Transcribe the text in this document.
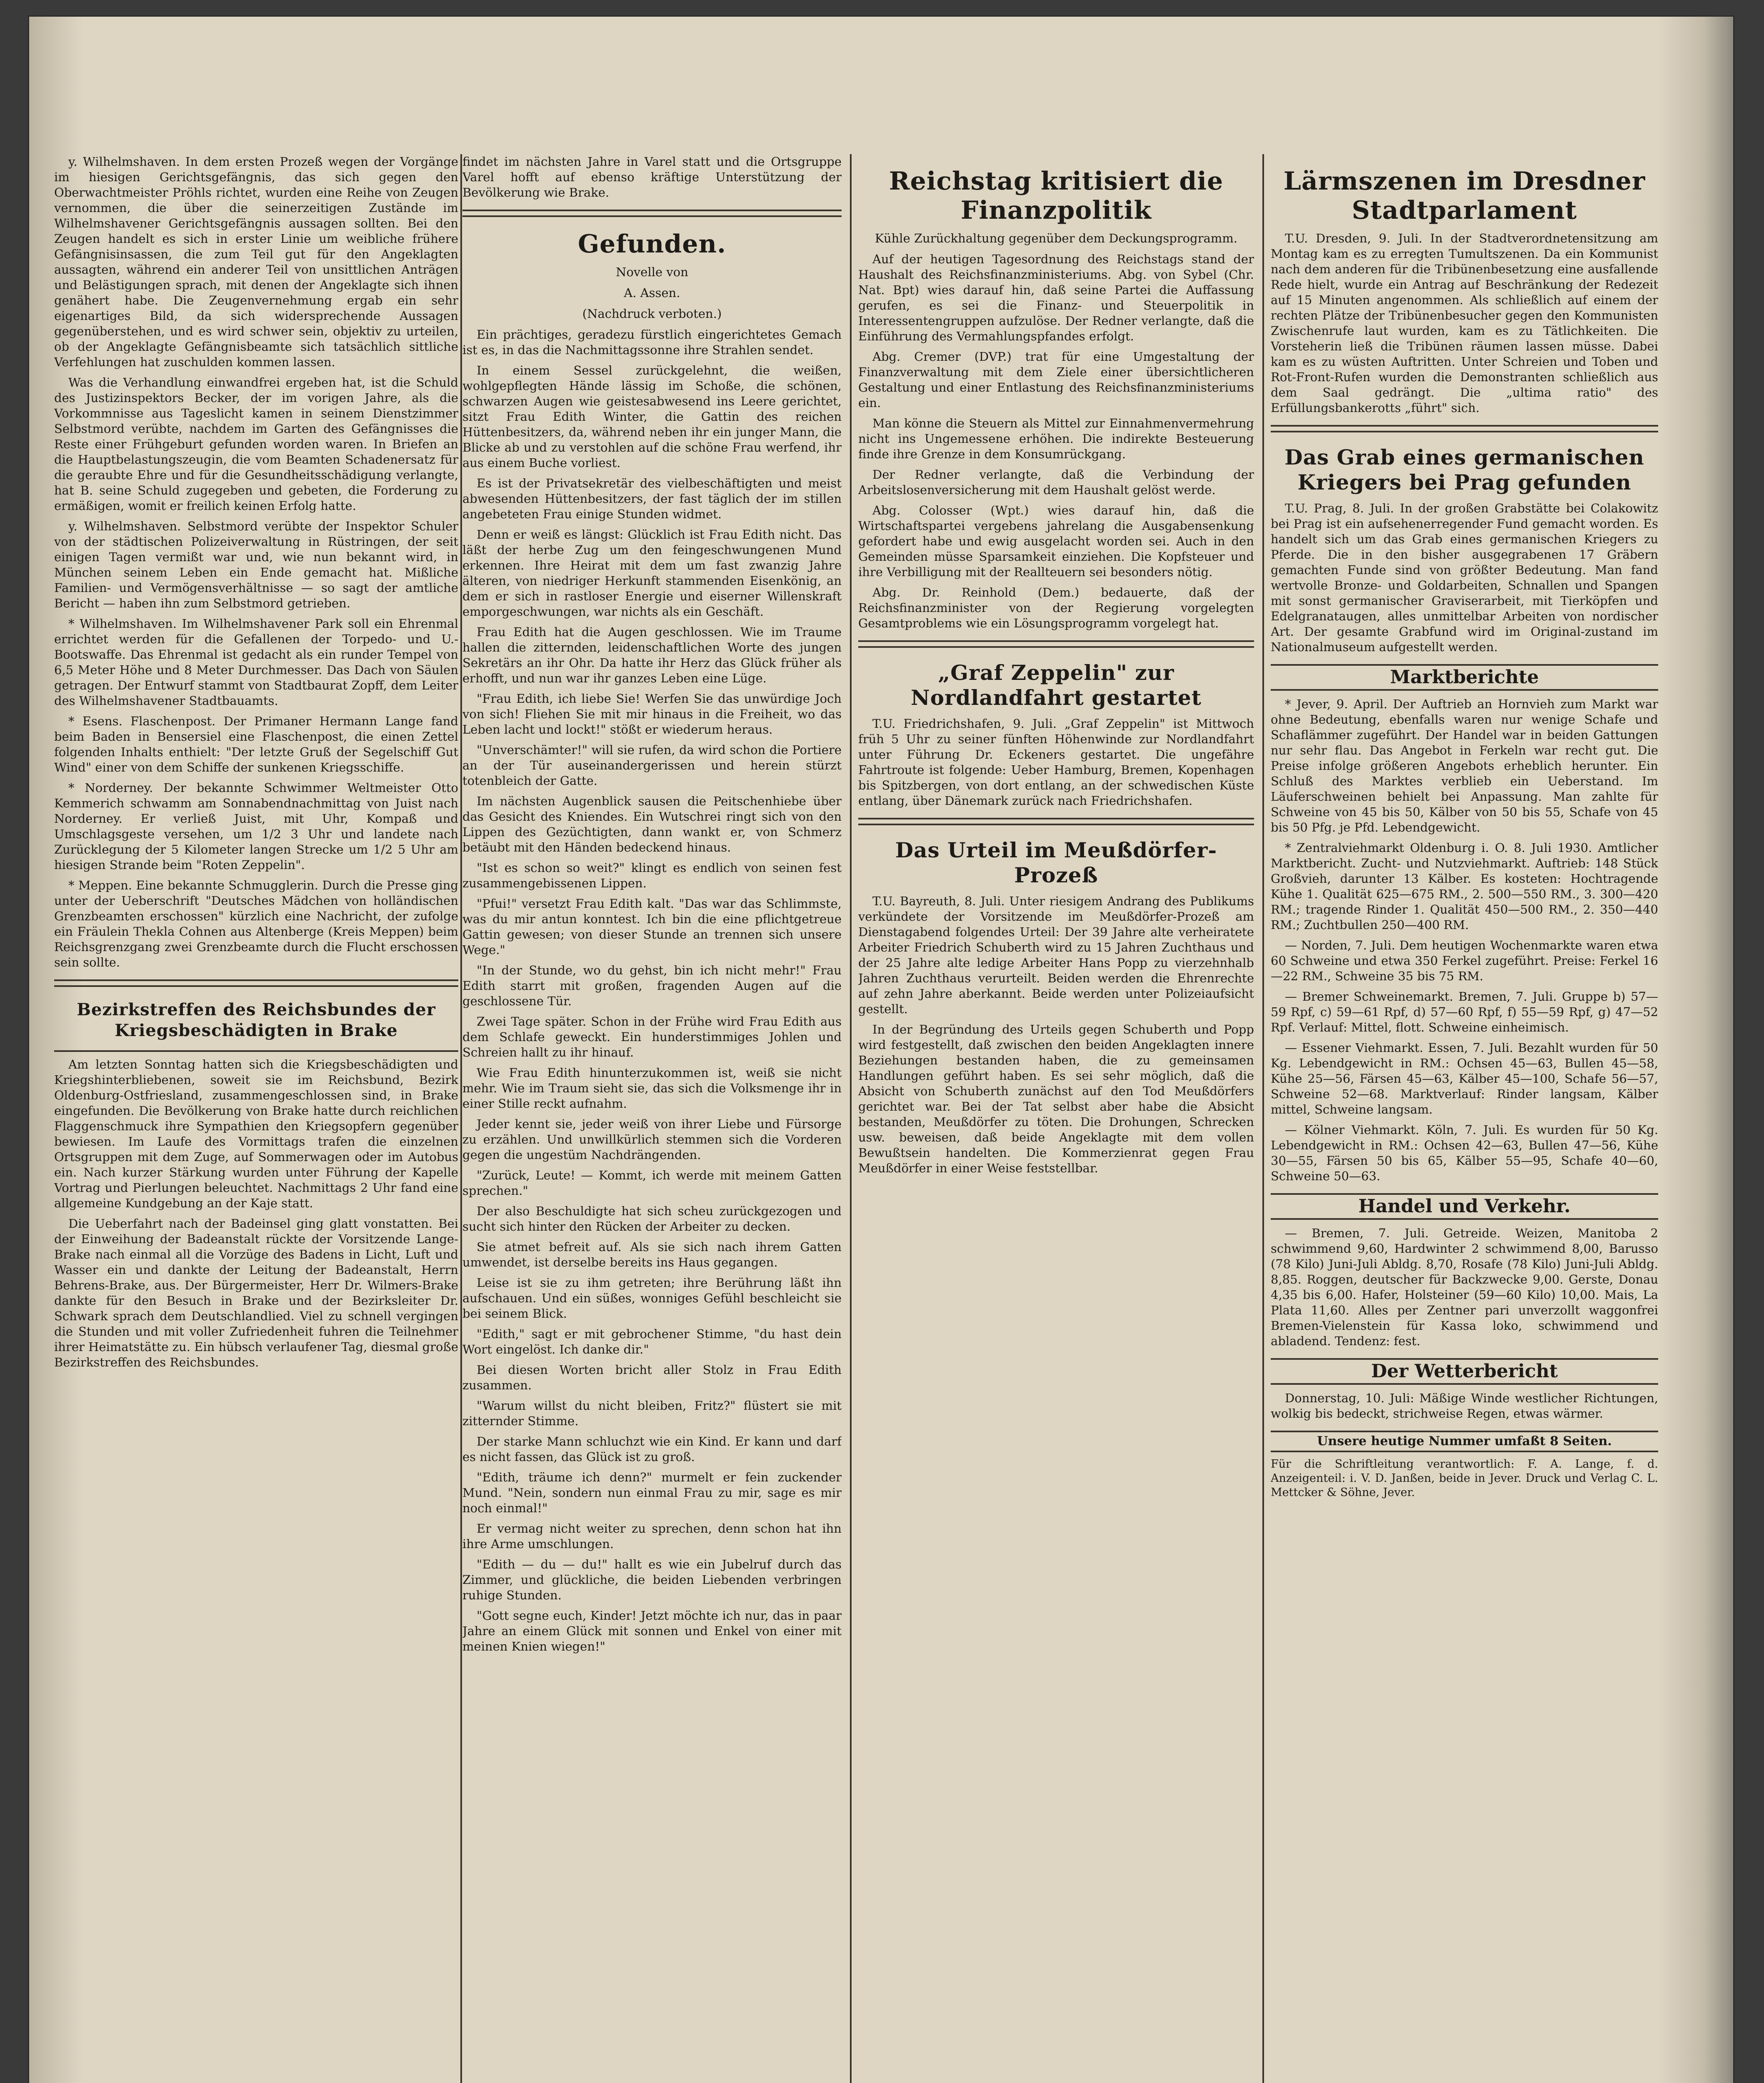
y. Wilhelmshaven. In dem ersten Prozeß wegen der Vorgänge im hiesigen Gerichtsgefängnis, das sich gegen den Oberwachtmeister Pröhls richtet, wurden eine Reihe von Zeugen vernommen, die über die seinerzeitigen Zustände im Wilhelmshavener Gerichtsgefängnis aussagen sollten. Bei den Zeugen handelt es sich in erster Linie um weibliche frühere Gefängnisinsassen, die zum Teil gut für den Angeklagten aussagten, während ein anderer Teil von unsittlichen Anträgen und Belästigungen sprach, mit denen der Angeklagte sich ihnen genähert habe. Die Zeugenvernehmung ergab ein sehr eigenartiges Bild, da sich widersprechende Aussagen gegenüberstehen, und es wird schwer sein, objektiv zu urteilen, ob der Angeklagte Gefängnisbeamte sich tatsächlich sittliche Verfehlungen hat zuschulden kommen lassen.

Was die Verhandlung einwandfrei ergeben hat, ist die Schuld des Justizinspektors Becker, der im vorigen Jahre, als die Vorkommnisse aus Tageslicht kamen in seinem Dienstzimmer Selbstmord verübte, nachdem im Garten des Gefängnisses die Reste einer Frühgeburt gefunden worden waren. In Briefen an die Hauptbelastungszeugin, die vom Beamten Schadenersatz für die geraubte Ehre und für die Gesundheitsschädigung verlangte, hat B. seine Schuld zugegeben und gebeten, die Forderung zu ermäßigen, womit er freilich keinen Erfolg hatte.

y. Wilhelmshaven. Selbstmord verübte der Inspektor Schuler von der städtischen Polizeiverwaltung in Rüstringen, der seit einigen Tagen vermißt war und, wie nun bekannt wird, in München seinem Leben ein Ende gemacht hat. Mißliche Familien- und Vermögensverhältnisse — so sagt der amtliche Bericht — haben ihn zum Selbstmord getrieben.

* Wilhelmshaven. Im Wilhelmshavener Park soll ein Ehrenmal errichtet werden für die Gefallenen der Torpedo- und U.-Bootswaffe. Das Ehrenmal ist gedacht als ein runder Tempel von 6,5 Meter Höhe und 8 Meter Durchmesser. Das Dach von Säulen getragen. Der Entwurf stammt von Stadtbaurat Zopff, dem Leiter des Wilhelmshavener Stadtbauamts.

* Esens. Flaschenpost. Der Primaner Hermann Lange fand beim Baden in Bensersiel eine Flaschenpost, die einen Zettel folgenden Inhalts enthielt: "Der letzte Gruß der Segelschiff Gut Wind" einer von dem Schiffe der sunkenen Kriegsschiffe.

* Norderney. Der bekannte Schwimmer Weltmeister Otto Kemmerich schwamm am Sonnabendnachmittag von Juist nach Norderney. Er verließ Juist, mit Uhr, Kompaß und Umschlagsgeste versehen, um 1/2 3 Uhr und landete nach Zurücklegung der 5 Kilometer langen Strecke um 1/2 5 Uhr am hiesigen Strande beim "Roten Zeppelin".

* Meppen. Eine bekannte Schmugglerin. Durch die Presse ging unter der Ueberschrift "Deutsches Mädchen von holländischen Grenzbeamten erschossen" kürzlich eine Nachricht, der zufolge ein Fräulein Thekla Cohnen aus Altenberge (Kreis Meppen) beim Reichsgrenzgang zwei Grenzbeamte durch die Flucht erschossen sein sollte.

Bezirkstreffen des Reichsbundes der Kriegsbeschädigten in Brake

Am letzten Sonntag hatten sich die Kriegsbeschädigten und Kriegshinterbliebenen, soweit sie im Reichsbund, Bezirk Oldenburg-Ostfriesland, zusammengeschlossen sind, in Brake eingefunden. Die Bevölkerung von Brake hatte durch reichlichen Flaggenschmuck ihre Sympathien den Kriegsopfern gegenüber bewiesen. Im Laufe des Vormittags trafen die einzelnen Ortsgruppen mit dem Zuge, auf Sommerwagen oder im Autobus ein. Nach kurzer Stärkung wurden unter Führung der Kapelle Vortrag und Pierlungen beleuchtet. Nachmittags 2 Uhr fand eine allgemeine Kundgebung an der Kaje statt.

Die Ueberfahrt nach der Badeinsel ging glatt vonstatten. Bei der Einweihung der Badeanstalt rückte der Vorsitzende Lange-Brake nach einmal all die Vorzüge des Badens in Licht, Luft und Wasser ein und dankte der Leitung der Badeanstalt, Herrn Behrens-Brake, aus. Der Bürgermeister, Herr Dr. Wilmers-Brake dankte für den Besuch in Brake und der Bezirksleiter Dr. Schwark sprach dem Deutschlandlied. Viel zu schnell vergingen die Stunden und mit voller Zufriedenheit fuhren die Teilnehmer ihrer Heimatstätte zu. Ein hübsch verlaufener Tag, diesmal große Bezirkstreffen des Reichsbundes.

findet im nächsten Jahre in Varel statt und die Ortsgruppe Varel hofft auf ebenso kräftige Unterstützung der Bevölkerung wie Brake.

Gefunden.
Novelle von
A. Assen.
(Nachdruck verboten.)

Ein prächtiges, geradezu fürstlich eingerichtetes Gemach ist es, in das die Nachmittagssonne ihre Strahlen sendet.

In einem Sessel zurückgelehnt, die weißen, wohlgepflegten Hände lässig im Schoße, die schönen, schwarzen Augen wie geistesabwesend ins Leere gerichtet, sitzt Frau Edith Winter, die Gattin des reichen Hüttenbesitzers, da, während neben ihr ein junger Mann, die Blicke ab und zu verstohlen auf die schöne Frau werfend, ihr aus einem Buche vorliest.

Es ist der Privatsekretär des vielbeschäftigten und meist abwesenden Hüttenbesitzers, der fast täglich der im stillen angebeteten Frau einige Stunden widmet.

Denn er weiß es längst: Glücklich ist Frau Edith nicht. Das läßt der herbe Zug um den feingeschwungenen Mund erkennen. Ihre Heirat mit dem um fast zwanzig Jahre älteren, von niedriger Herkunft stammenden Eisenkönig, an dem er sich in rastloser Energie und eiserner Willenskraft emporgeschwungen, war nichts als ein Geschäft.

Frau Edith hat die Augen geschlossen. Wie im Traume hallen die zitternden, leidenschaftlichen Worte des jungen Sekretärs an ihr Ohr. Da hatte ihr Herz das Glück früher als erhofft, und nun war ihr ganzes Leben eine Lüge.

"Frau Edith, ich liebe Sie! Werfen Sie das unwürdige Joch von sich! Fliehen Sie mit mir hinaus in die Freiheit, wo das Leben lacht und lockt!" stößt er wiederum heraus.

"Unverschämter!" will sie rufen, da wird schon die Portiere an der Tür auseinandergerissen und herein stürzt totenbleich der Gatte.

Im nächsten Augenblick sausen die Peitschenhiebe über das Gesicht des Kniendes. Ein Wutschrei ringt sich von den Lippen des Gezüchtigten, dann wankt er, von Schmerz betäubt mit den Händen bedeckend hinaus.

"Ist es schon so weit?" klingt es endlich von seinen fest zusammengebissenen Lippen.

"Pfui!" versetzt Frau Edith kalt. "Das war das Schlimmste, was du mir antun konntest. Ich bin die eine pflichtgetreue Gattin gewesen; von dieser Stunde an trennen sich unsere Wege."

"In der Stunde, wo du gehst, bin ich nicht mehr!" Frau Edith starrt mit großen, fragenden Augen auf die geschlossene Tür.

Zwei Tage später. Schon in der Frühe wird Frau Edith aus dem Schlafe geweckt. Ein hunderstimmiges Johlen und Schreien hallt zu ihr hinauf.

Wie Frau Edith hinunterzukommen ist, weiß sie nicht mehr. Wie im Traum sieht sie, das sich die Volksmenge ihr in einer Stille reckt aufnahm.

Jeder kennt sie, jeder weiß von ihrer Liebe und Fürsorge zu erzählen. Und unwillkürlich stemmen sich die Vorderen gegen die ungestüm Nachdrängenden.

"Zurück, Leute! — Kommt, ich werde mit meinem Gatten sprechen."

Der also Beschuldigte hat sich scheu zurückgezogen und sucht sich hinter den Rücken der Arbeiter zu decken.

Sie atmet befreit auf. Als sie sich nach ihrem Gatten umwendet, ist derselbe bereits ins Haus gegangen.

Leise ist sie zu ihm getreten; ihre Berührung läßt ihn aufschauen. Und ein süßes, wonniges Gefühl beschleicht sie bei seinem Blick.

"Edith," sagt er mit gebrochener Stimme, "du hast dein Wort eingelöst. Ich danke dir."

Bei diesen Worten bricht aller Stolz in Frau Edith zusammen.

"Warum willst du nicht bleiben, Fritz?" flüstert sie mit zitternder Stimme.

Der starke Mann schluchzt wie ein Kind. Er kann und darf es nicht fassen, das Glück ist zu groß.

"Edith, träume ich denn?" murmelt er fein zuckender Mund. "Nein, sondern nun einmal Frau zu mir, sage es mir noch einmal!"

Er vermag nicht weiter zu sprechen, denn schon hat ihn ihre Arme umschlungen.

"Edith — du — du!" hallt es wie ein Jubelruf durch das Zimmer, und glückliche, die beiden Liebenden verbringen ruhige Stunden.

"Gott segne euch, Kinder! Jetzt möchte ich nur, das in paar Jahre an einem Glück mit sonnen und Enkel von einer mit meinen Knien wiegen!"

Reichstag kritisiert die Finanzpolitik
Kühle Zurückhaltung gegenüber dem Deckungsprogramm.

Auf der heutigen Tagesordnung des Reichstags stand der Haushalt des Reichsfinanzministeriums. Abg. von Sybel (Chr. Nat. Bpt) wies darauf hin, daß seine Partei die Auffassung gerufen, es sei die Finanz- und Steuerpolitik in Interessentengruppen aufzulöse. Der Redner verlangte, daß die Einführung des Vermahlungspfandes erfolgt.

Abg. Cremer (DVP.) trat für eine Umgestaltung der Finanzverwaltung mit dem Ziele einer übersichtlicheren Gestaltung und einer Entlastung des Reichsfinanzministeriums ein.

Man könne die Steuern als Mittel zur Einnahmenvermehrung nicht ins Ungemessene erhöhen. Die indirekte Besteuerung finde ihre Grenze in dem Konsumrückgang.

Der Redner verlangte, daß die Verbindung der Arbeitslosenversicherung mit dem Haushalt gelöst werde.

Abg. Colosser (Wpt.) wies darauf hin, daß die Wirtschaftspartei vergebens jahrelang die Ausgabensenkung gefordert habe und ewig ausgelacht worden sei. Auch in den Gemeinden müsse Sparsamkeit einziehen. Die Kopfsteuer und ihre Verbilligung mit der Reallteuern sei besonders nötig.

Abg. Dr. Reinhold (Dem.) bedauerte, daß der Reichsfinanzminister von der Regierung vorgelegten Gesamtproblems wie ein Lösungsprogramm vorgelegt hat.

„Graf Zeppelin" zur Nordlandfahrt gestartet

T.U. Friedrichshafen, 9. Juli. „Graf Zeppelin" ist Mittwoch früh 5 Uhr zu seiner fünften Höhenwinde zur Nordlandfahrt unter Führung Dr. Eckeners gestartet. Die ungefähre Fahrtroute ist folgende: Ueber Hamburg, Bremen, Kopenhagen bis Spitzbergen, von dort entlang, an der schwedischen Küste entlang, über Dänemark zurück nach Friedrichshafen.

Das Urteil im Meußdörfer-Prozeß

T.U. Bayreuth, 8. Juli. Unter riesigem Andrang des Publikums verkündete der Vorsitzende im Meußdörfer-Prozeß am Dienstagabend folgendes Urteil: Der 39 Jahre alte verheiratete Arbeiter Friedrich Schuberth wird zu 15 Jahren Zuchthaus und der 25 Jahre alte ledige Arbeiter Hans Popp zu vierzehnhalb Jahren Zuchthaus verurteilt. Beiden werden die Ehrenrechte auf zehn Jahre aberkannt. Beide werden unter Polizeiaufsicht gestellt.

In der Begründung des Urteils gegen Schuberth und Popp wird festgestellt, daß zwischen den beiden Angeklagten innere Beziehungen bestanden haben, die zu gemeinsamen Handlungen geführt haben. Es sei sehr möglich, daß die Absicht von Schuberth zunächst auf den Tod Meußdörfers gerichtet war. Bei der Tat selbst aber habe die Absicht bestanden, Meußdörfer zu töten. Die Drohungen, Schrecken usw. beweisen, daß beide Angeklagte mit dem vollen Bewußtsein handelten. Die Kommerzienrat gegen Frau Meußdörfer in einer Weise feststellbar.

Lärmszenen im Dresdner Stadtparlament

T.U. Dresden, 9. Juli. In der Stadtverordnetensitzung am Montag kam es zu erregten Tumultszenen. Da ein Kommunist nach dem anderen für die Tribünenbesetzung eine ausfallende Rede hielt, wurde ein Antrag auf Beschränkung der Redezeit auf 15 Minuten angenommen. Als schließlich auf einem der rechten Plätze der Tribünenbesucher gegen den Kommunisten Zwischenrufe laut wurden, kam es zu Tätlichkeiten. Die Vorsteherin ließ die Tribünen räumen lassen müsse. Dabei kam es zu wüsten Auftritten. Unter Schreien und Toben und Rot-Front-Rufen wurden die Demonstranten schließlich aus dem Saal gedrängt. Die „ultima ratio" des Erfüllungsbankerotts „führt" sich.

Das Grab eines germanischen Kriegers bei Prag gefunden

T.U. Prag, 8. Juli. In der großen Grabstätte bei Colakowitz bei Prag ist ein aufsehenerregender Fund gemacht worden. Es handelt sich um das Grab eines germanischen Kriegers zu Pferde. Die in den bisher ausgegrabenen 17 Gräbern gemachten Funde sind von größter Bedeutung. Man fand wertvolle Bronze- und Goldarbeiten, Schnallen und Spangen mit sonst germanischer Graviserarbeit, mit Tierköpfen und Edelgranataugen, alles unmittelbar Arbeiten von nordischer Art. Der gesamte Grabfund wird im Original-zustand im Nationalmuseum aufgestellt werden.

Marktberichte

* Jever, 9. April. Der Auftrieb an Hornvieh zum Markt war ohne Bedeutung, ebenfalls waren nur wenige Schafe und Schaflämmer zugeführt. Der Handel war in beiden Gattungen nur sehr flau. Das Angebot in Ferkeln war recht gut. Die Preise infolge größeren Angebots erheblich herunter. Ein Schluß des Marktes verblieb ein Ueberstand. Im Läuferschweinen behielt bei Anpassung. Man zahlte für Schweine von 45 bis 50, Kälber von 50 bis 55, Schafe von 45 bis 50 Pfg. je Pfd. Lebendgewicht.

* Zentralviehmarkt Oldenburg i. O. 8. Juli 1930. Amtlicher Marktbericht. Zucht- und Nutzviehmarkt. Auftrieb: 148 Stück Großvieh, darunter 13 Kälber. Es kosteten: Hochtragende Kühe 1. Qualität 625—675 RM., 2. 500—550 RM., 3. 300—420 RM.; tragende Rinder 1. Qualität 450—500 RM., 2. 350—440 RM.; Zuchtbullen 250—400 RM.

— Norden, 7. Juli. Dem heutigen Wochenmarkte waren etwa 60 Schweine und etwa 350 Ferkel zugeführt. Preise: Ferkel 16—22 RM., Schweine 35 bis 75 RM.

— Bremer Schweinemarkt. Bremen, 7. Juli. Gruppe b) 57—59 Rpf, c) 59—61 Rpf, d) 57—60 Rpf, f) 55—59 Rpf, g) 47—52 Rpf. Verlauf: Mittel, flott. Schweine einheimisch.

— Essener Viehmarkt. Essen, 7. Juli. Bezahlt wurden für 50 Kg. Lebendgewicht in RM.: Ochsen 45—63, Bullen 45—58, Kühe 25—56, Färsen 45—63, Kälber 45—100, Schafe 56—57, Schweine 52—68. Marktverlauf: Rinder langsam, Kälber mittel, Schweine langsam.

— Kölner Viehmarkt. Köln, 7. Juli. Es wurden für 50 Kg. Lebendgewicht in RM.: Ochsen 42—63, Bullen 47—56, Kühe 30—55, Färsen 50 bis 65, Kälber 55—95, Schafe 40—60, Schweine 50—63.

Handel und Verkehr.

— Bremen, 7. Juli. Getreide. Weizen, Manitoba 2 schwimmend 9,60, Hardwinter 2 schwimmend 8,00, Barusso (78 Kilo) Juni-Juli Abldg. 8,70, Rosafe (78 Kilo) Juni-Juli Abldg. 8,85. Roggen, deutscher für Backzwecke 9,00. Gerste, Donau 4,35 bis 6,00. Hafer, Holsteiner (59—60 Kilo) 10,00. Mais, La Plata 11,60. Alles per Zentner pari unverzollt waggonfrei Bremen-Vielenstein für Kassa loko, schwimmend und abladend. Tendenz: fest.

Der Wetterbericht

Donnerstag, 10. Juli: Mäßige Winde westlicher Richtungen, wolkig bis bedeckt, strichweise Regen, etwas wärmer.

Unsere heutige Nummer umfaßt 8 Seiten.

Für die Schriftleitung verantwortlich: F. A. Lange, f. d. Anzeigenteil: i. V. D. Janßen, beide in Jever. Druck und Verlag C. L. Mettcker & Söhne, Jever.
